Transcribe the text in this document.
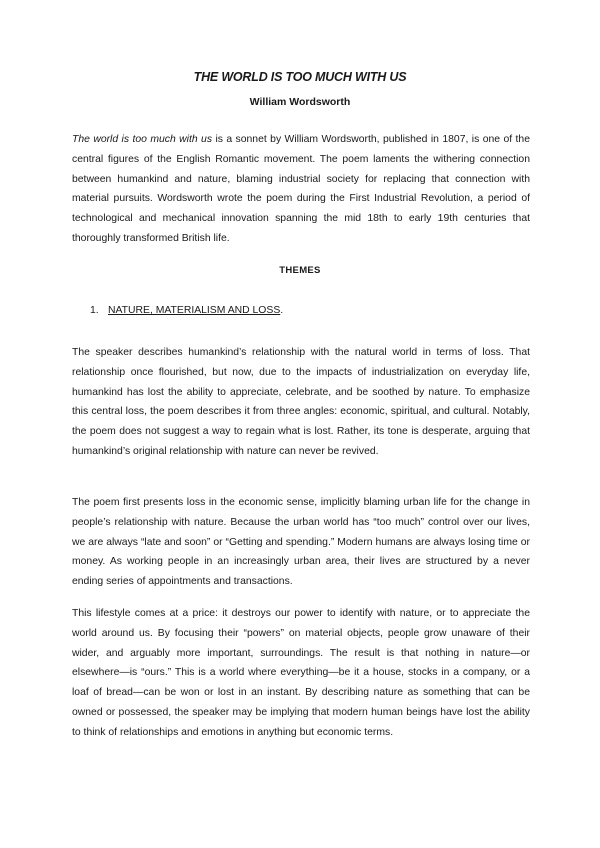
THE WORLD IS TOO MUCH WITH US
William Wordsworth

The world is too much with us is a sonnet by William Wordsworth, published in 1807, is one of the central figures of the English Romantic movement. The poem laments the withering connection between humankind and nature, blaming industrial society for replacing that connection with material pursuits. Wordsworth wrote the poem during the First Industrial Revolution, a period of technological and mechanical innovation spanning the mid 18th to early 19th centuries that thoroughly transformed British life.

THEMES
1. NATURE, MATERIALISM AND LOSS.

The speaker describes humankind’s relationship with the natural world in terms of loss. That relationship once flourished, but now, due to the impacts of industrialization on everyday life, humankind has lost the ability to appreciate, celebrate, and be soothed by nature. To emphasize this central loss, the poem describes it from three angles: economic, spiritual, and cultural. Notably, the poem does not suggest a way to regain what is lost. Rather, its tone is desperate, arguing that humankind’s original relationship with nature can never be revived.

The poem first presents loss in the economic sense, implicitly blaming urban life for the change in people’s relationship with nature. Because the urban world has “too much” control over our lives, we are always “late and soon” or “Getting and spending.” Modern humans are always losing time or money. As working people in an increasingly urban area, their lives are structured by a never ending series of appointments and transactions.

This lifestyle comes at a price: it destroys our power to identify with nature, or to appreciate the world around us. By focusing their “powers” on material objects, people grow unaware of their wider, and arguably more important, surroundings. The result is that nothing in nature—or elsewhere—is “ours.” This is a world where everything—be it a house, stocks in a company, or a loaf of bread—can be won or lost in an instant. By describing nature as something that can be owned or possessed, the speaker may be implying that modern human beings have lost the ability to think of relationships and emotions in anything but economic terms.
